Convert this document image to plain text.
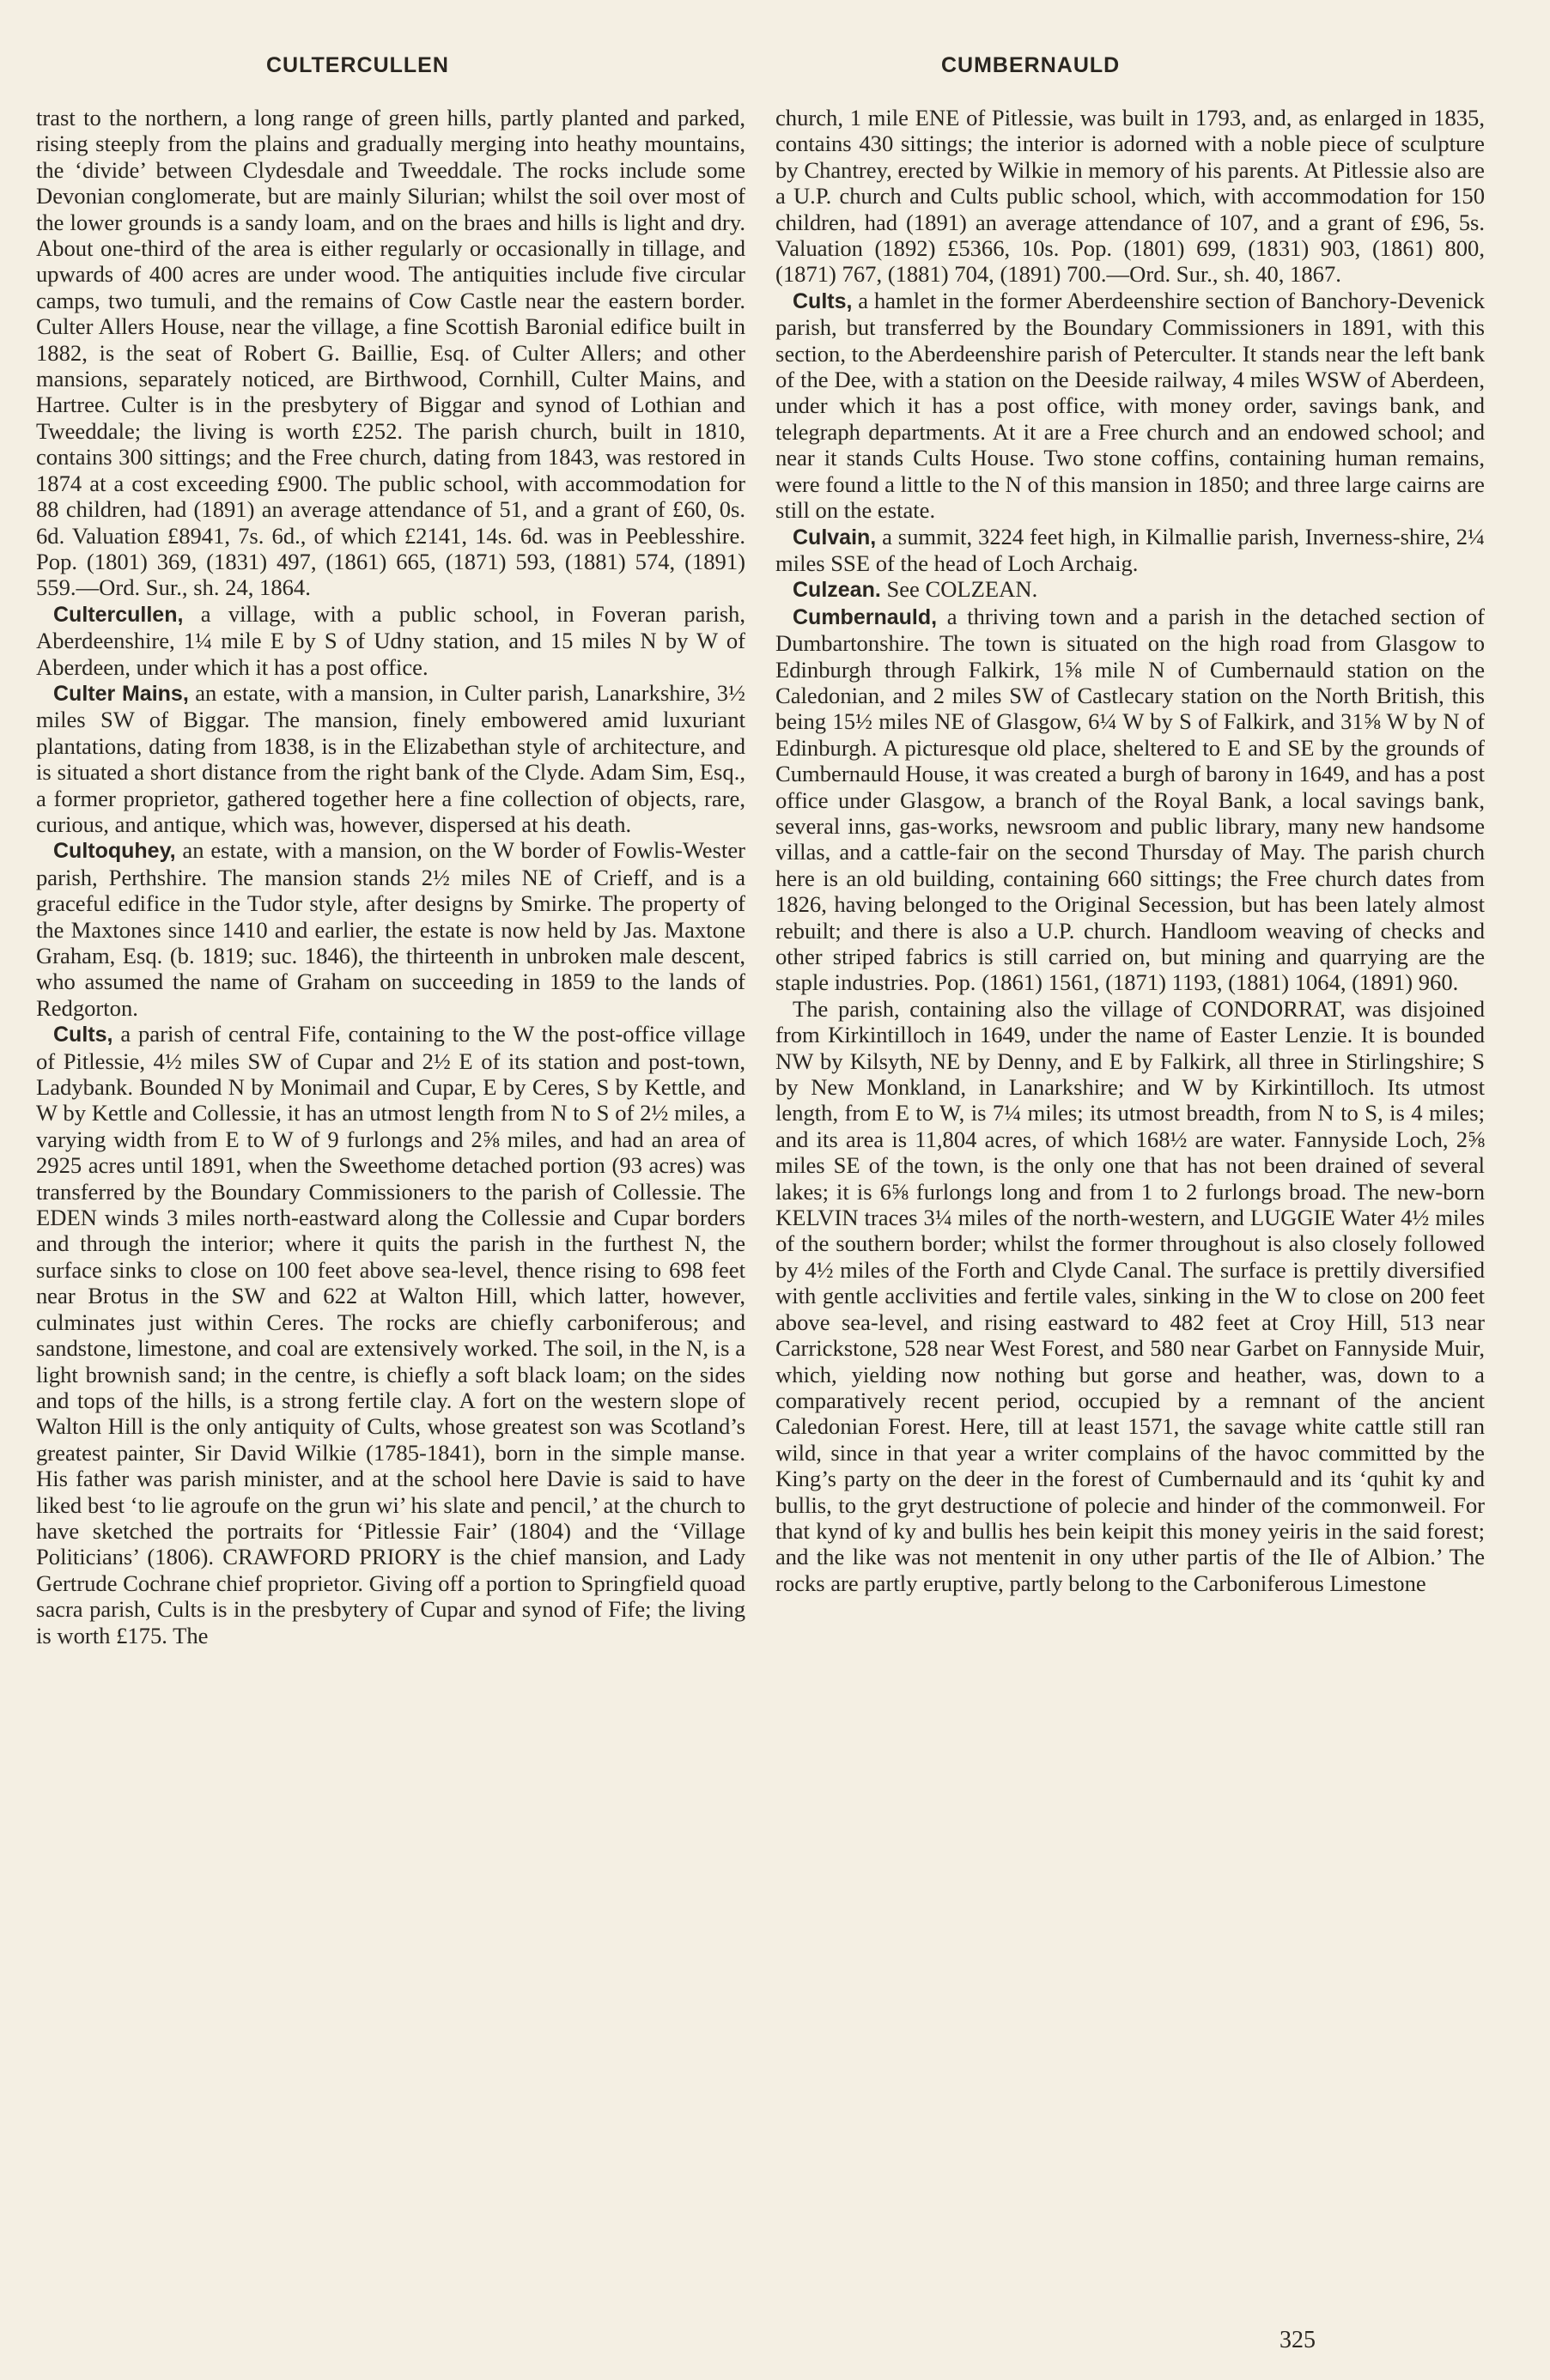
CULTERCULLEN	CUMBERNAULD

trast to the northern, a long range of green hills, partly planted and parked, rising steeply from the plains and gradually merging into heathy mountains, the ‘divide’ between Clydesdale and Tweeddale. The rocks include some Devonian conglomerate, but are mainly Silurian; whilst the soil over most of the lower grounds is a sandy loam, and on the braes and hills is light and dry. About one-third of the area is either regularly or occasionally in tillage, and upwards of 400 acres are under wood. The antiquities include five circular camps, two tumuli, and the remains of Cow Castle near the eastern border. Culter Allers House, near the village, a fine Scottish Baronial edifice built in 1882, is the seat of Robert G. Baillie, Esq. of Culter Allers; and other mansions, separately noticed, are Birthwood, Cornhill, Culter Mains, and Hartree. Culter is in the presbytery of Biggar and synod of Lothian and Tweeddale; the living is worth £252. The parish church, built in 1810, contains 300 sittings; and the Free church, dating from 1843, was restored in 1874 at a cost exceeding £900. The public school, with accommodation for 88 children, had (1891) an average attendance of 51, and a grant of £60, 0s. 6d. Valuation £8941, 7s. 6d., of which £2141, 14s. 6d. was in Peeblesshire. Pop. (1801) 369, (1831) 497, (1861) 665, (1871) 593, (1881) 574, (1891) 559.—Ord. Sur., sh. 24, 1864.

Cultercullen, a village, with a public school, in Foveran parish, Aberdeenshire, 1¼ mile E by S of Udny station, and 15 miles N by W of Aberdeen, under which it has a post office.

Culter Mains, an estate, with a mansion, in Culter parish, Lanarkshire, 3½ miles SW of Biggar. The mansion, finely embowered amid luxuriant plantations, dating from 1838, is in the Elizabethan style of architecture, and is situated a short distance from the right bank of the Clyde. Adam Sim, Esq., a former proprietor, gathered together here a fine collection of objects, rare, curious, and antique, which was, however, dispersed at his death.

Cultoquhey, an estate, with a mansion, on the W border of Fowlis-Wester parish, Perthshire. The mansion stands 2½ miles NE of Crieff, and is a graceful edifice in the Tudor style, after designs by Smirke. The property of the Maxtones since 1410 and earlier, the estate is now held by Jas. Maxtone Graham, Esq. (b. 1819; suc. 1846), the thirteenth in unbroken male descent, who assumed the name of Graham on succeeding in 1859 to the lands of Redgorton.

Cults, a parish of central Fife, containing to the W the post-office village of Pitlessie, 4½ miles SW of Cupar and 2½ E of its station and post-town, Ladybank. Bounded N by Monimail and Cupar, E by Ceres, S by Kettle, and W by Kettle and Collessie, it has an utmost length from N to S of 2½ miles, a varying width from E to W of 9 furlongs and 2⅝ miles, and had an area of 2925 acres until 1891, when the Sweethome detached portion (93 acres) was transferred by the Boundary Commissioners to the parish of Collessie. The EDEN winds 3 miles north-eastward along the Collessie and Cupar borders and through the interior; where it quits the parish in the furthest N, the surface sinks to close on 100 feet above sea-level, thence rising to 698 feet near Brotus in the SW and 622 at Walton Hill, which latter, however, culminates just within Ceres. The rocks are chiefly carboniferous; and sandstone, limestone, and coal are extensively worked. The soil, in the N, is a light brownish sand; in the centre, is chiefly a soft black loam; on the sides and tops of the hills, is a strong fertile clay. A fort on the western slope of Walton Hill is the only antiquity of Cults, whose greatest son was Scotland’s greatest painter, Sir David Wilkie (1785-1841), born in the simple manse. His father was parish minister, and at the school here Davie is said to have liked best ‘to lie agroufe on the grun wi’ his slate and pencil,’ at the church to have sketched the portraits for ‘Pitlessie Fair’ (1804) and the ‘Village Politicians’ (1806). CRAWFORD PRIORY is the chief mansion, and Lady Gertrude Cochrane chief proprietor. Giving off a portion to Springfield quoad sacra parish, Cults is in the presbytery of Cupar and synod of Fife; the living is worth £175. The

church, 1 mile ENE of Pitlessie, was built in 1793, and, as enlarged in 1835, contains 430 sittings; the interior is adorned with a noble piece of sculpture by Chantrey, erected by Wilkie in memory of his parents. At Pitlessie also are a U.P. church and Cults public school, which, with accommodation for 150 children, had (1891) an average attendance of 107, and a grant of £96, 5s. Valuation (1892) £5366, 10s. Pop. (1801) 699, (1831) 903, (1861) 800, (1871) 767, (1881) 704, (1891) 700.—Ord. Sur., sh. 40, 1867.

Cults, a hamlet in the former Aberdeenshire section of Banchory-Devenick parish, but transferred by the Boundary Commissioners in 1891, with this section, to the Aberdeenshire parish of Peterculter. It stands near the left bank of the Dee, with a station on the Deeside railway, 4 miles WSW of Aberdeen, under which it has a post office, with money order, savings bank, and telegraph departments. At it are a Free church and an endowed school; and near it stands Cults House. Two stone coffins, containing human remains, were found a little to the N of this mansion in 1850; and three large cairns are still on the estate.

Culvain, a summit, 3224 feet high, in Kilmallie parish, Inverness-shire, 2¼ miles SSE of the head of Loch Archaig.

Culzean. See COLZEAN.

Cumbernauld, a thriving town and a parish in the detached section of Dumbartonshire. The town is situated on the high road from Glasgow to Edinburgh through Falkirk, 1⅝ mile N of Cumbernauld station on the Caledonian, and 2 miles SW of Castlecary station on the North British, this being 15½ miles NE of Glasgow, 6¼ W by S of Falkirk, and 31⅝ W by N of Edinburgh. A picturesque old place, sheltered to E and SE by the grounds of Cumbernauld House, it was created a burgh of barony in 1649, and has a post office under Glasgow, a branch of the Royal Bank, a local savings bank, several inns, gas-works, newsroom and public library, many new handsome villas, and a cattle-fair on the second Thursday of May. The parish church here is an old building, containing 660 sittings; the Free church dates from 1826, having belonged to the Original Secession, but has been lately almost rebuilt; and there is also a U.P. church. Handloom weaving of checks and other striped fabrics is still carried on, but mining and quarrying are the staple industries. Pop. (1861) 1561, (1871) 1193, (1881) 1064, (1891) 960.

The parish, containing also the village of CONDORRAT, was disjoined from Kirkintilloch in 1649, under the name of Easter Lenzie. It is bounded NW by Kilsyth, NE by Denny, and E by Falkirk, all three in Stirlingshire; S by New Monkland, in Lanarkshire; and W by Kirkintilloch. Its utmost length, from E to W, is 7¼ miles; its utmost breadth, from N to S, is 4 miles; and its area is 11,804 acres, of which 168½ are water. Fannyside Loch, 2⅝ miles SE of the town, is the only one that has not been drained of several lakes; it is 6⅝ furlongs long and from 1 to 2 furlongs broad. The new-born KELVIN traces 3¼ miles of the north-western, and LUGGIE Water 4½ miles of the southern border; whilst the former throughout is also closely followed by 4½ miles of the Forth and Clyde Canal. The surface is prettily diversified with gentle acclivities and fertile vales, sinking in the W to close on 200 feet above sea-level, and rising eastward to 482 feet at Croy Hill, 513 near Carrickstone, 528 near West Forest, and 580 near Garbet on Fannyside Muir, which, yielding now nothing but gorse and heather, was, down to a comparatively recent period, occupied by a remnant of the ancient Caledonian Forest. Here, till at least 1571, the savage white cattle still ran wild, since in that year a writer complains of the havoc committed by the King’s party on the deer in the forest of Cumbernauld and its ‘quhit ky and bullis, to the gryt destructione of polecie and hinder of the commonweil. For that kynd of ky and bullis hes bein keipit this money yeiris in the said forest; and the like was not mentenit in ony uther partis of the Ile of Albion.’ The rocks are partly eruptive, partly belong to the Carboniferous Limestone

325
